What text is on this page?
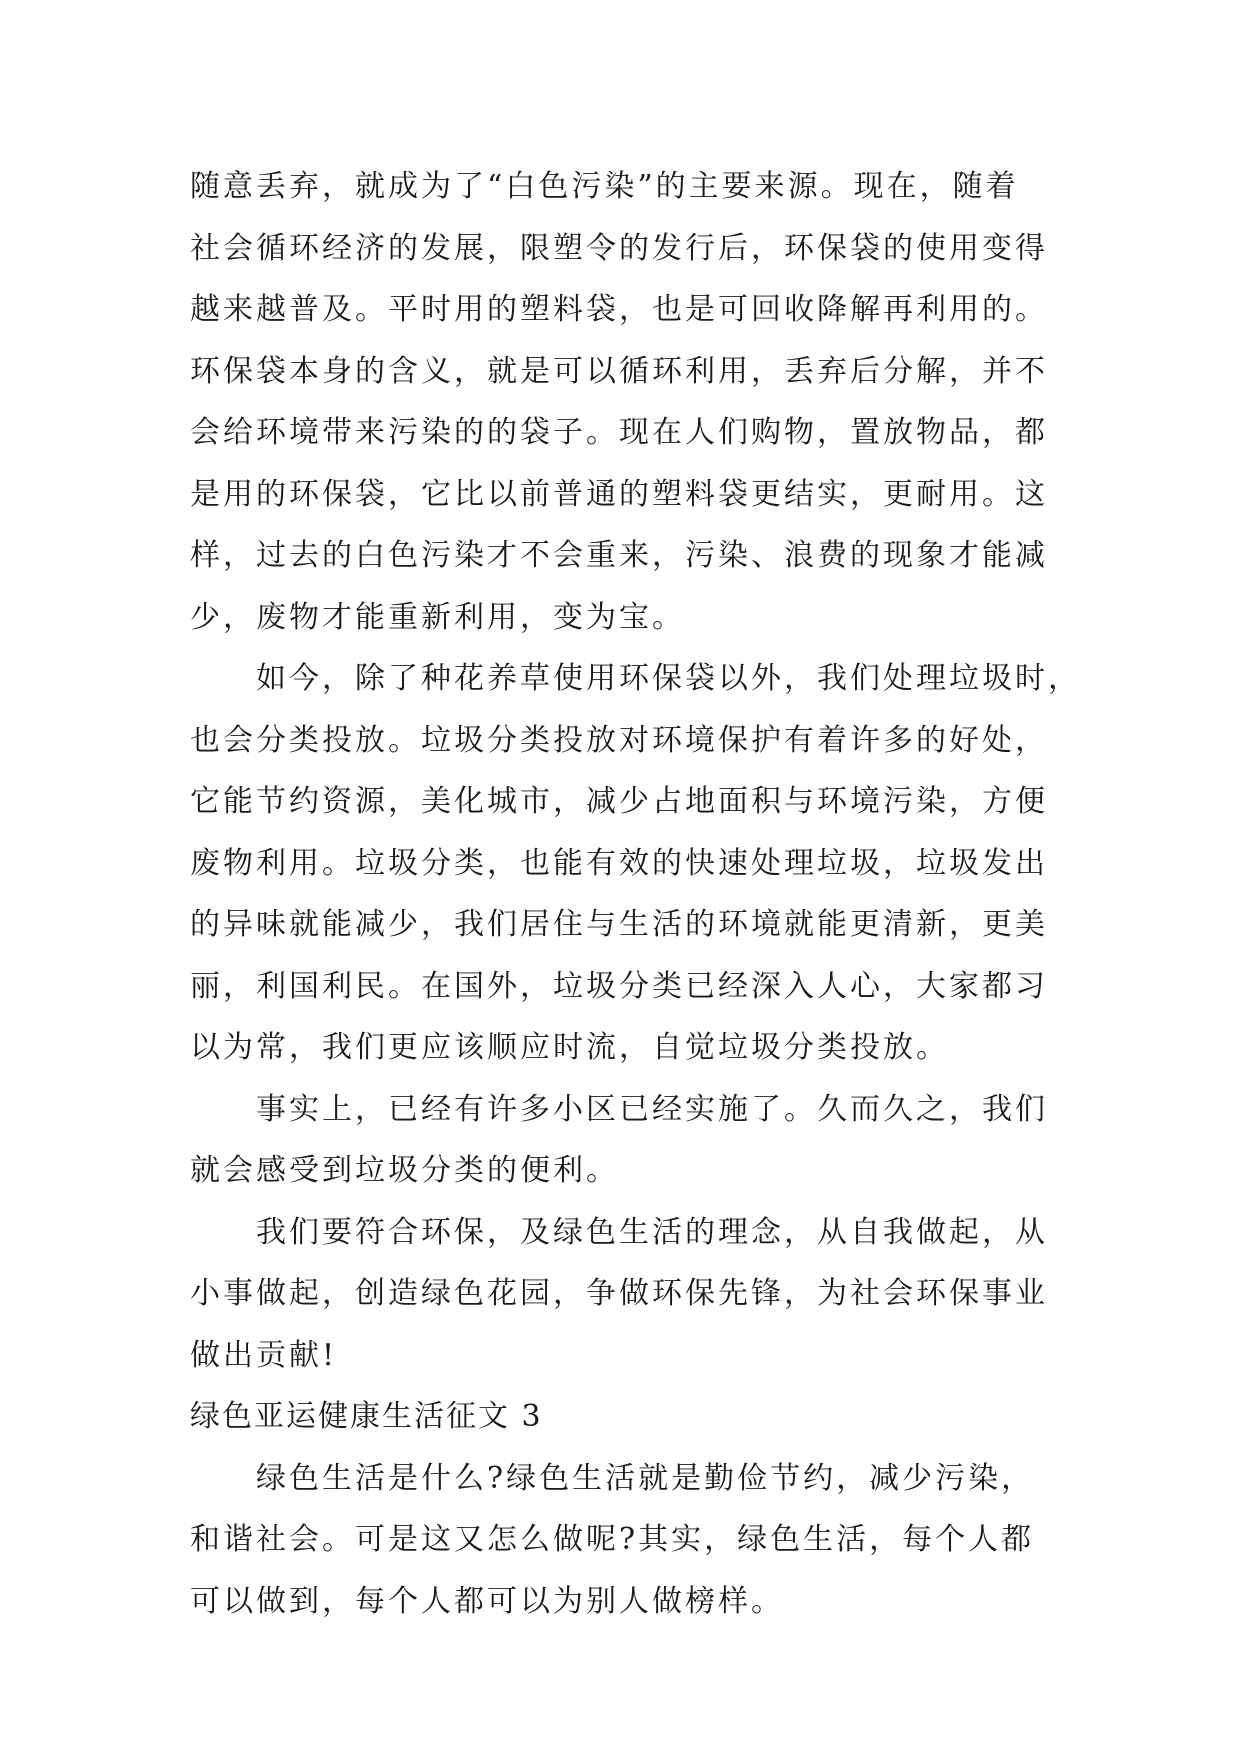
随意丢弃，就成为了“白色污染”的主要来源。现在，随着
社会循环经济的发展，限塑令的发行后，环保袋的使用变得
越来越普及。平时用的塑料袋，也是可回收降解再利用的。
环保袋本身的含义，就是可以循环利用，丢弃后分解，并不
会给环境带来污染的的袋子。现在人们购物，置放物品，都
是用的环保袋，它比以前普通的塑料袋更结实，更耐用。这
样，过去的白色污染才不会重来，污染、浪费的现象才能减
少，废物才能重新利用，变为宝。
如今，除了种花养草使用环保袋以外，我们处理垃圾时，
也会分类投放。垃圾分类投放对环境保护有着许多的好处，
它能节约资源，美化城市，减少占地面积与环境污染，方便
废物利用。垃圾分类，也能有效的快速处理垃圾，垃圾发出
的异味就能减少，我们居住与生活的环境就能更清新，更美
丽，利国利民。在国外，垃圾分类已经深入人心，大家都习
以为常，我们更应该顺应时流，自觉垃圾分类投放。
事实上，已经有许多小区已经实施了。久而久之，我们
就会感受到垃圾分类的便利。
我们要符合环保，及绿色生活的理念，从自我做起，从
小事做起，创造绿色花园，争做环保先锋，为社会环保事业
做出贡献!
绿色亚运健康生活征文 3
绿色生活是什么?绿色生活就是勤俭节约，减少污染，
和谐社会。可是这又怎么做呢?其实，绿色生活，每个人都
可以做到，每个人都可以为别人做榜样。
